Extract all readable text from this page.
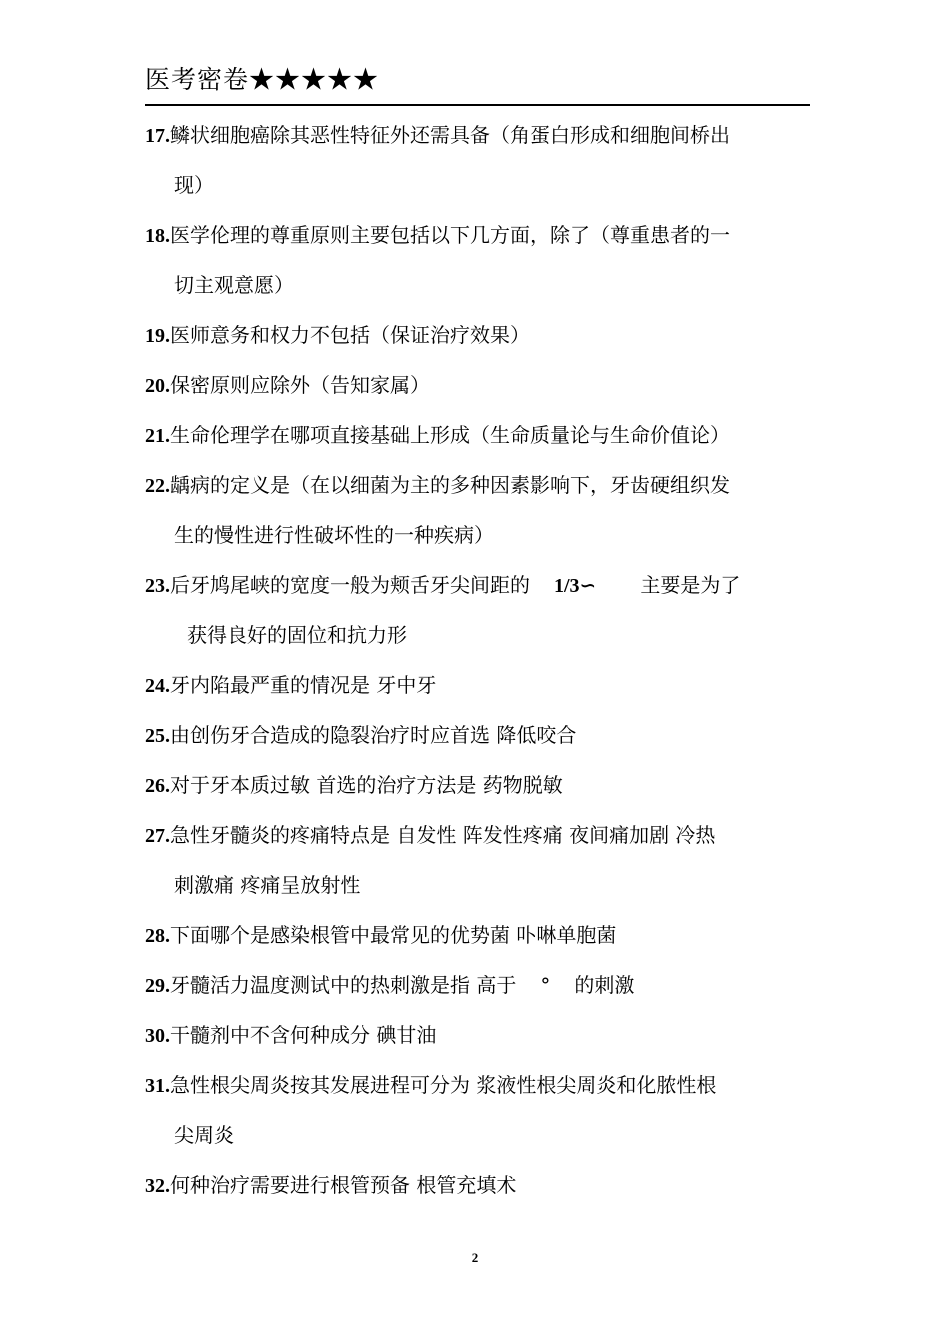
医考密卷★★★★★
17.鳞状细胞癌除其恶性特征外还需具备（角蛋白形成和细胞间桥出
现）
18.医学伦理的尊重原则主要包括以下几方面，除了（尊重患者的一
切主观意愿）
19.医师意务和权力不包括（保证治疗效果）
20.保密原则应除外（告知家属）
21.生命伦理学在哪项直接基础上形成（生命质量论与生命价值论）
22.龋病的定义是（在以细菌为主的多种因素影响下，牙齿硬组织发
生的慢性进行性破坏性的一种疾病）
23.后牙鸠尾峡的宽度一般为颊舌牙尖间距的 1/3∽ 主要是为了
获得良好的固位和抗力形
24.牙内陷最严重的情况是 牙中牙
25.由创伤牙合造成的隐裂治疗时应首选 降低咬合
26.对于牙本质过敏 首选的治疗方法是 药物脱敏
27.急性牙髓炎的疼痛特点是 自发性 阵发性疼痛 夜间痛加剧 冷热
刺激痛 疼痛呈放射性
28.下面哪个是感染根管中最常见的优势菌 卟啉单胞菌
29.牙髓活力温度测试中的热刺激是指 高于 ° 的刺激
30.干髓剂中不含何种成分 碘甘油
31.急性根尖周炎按其发展进程可分为 浆液性根尖周炎和化脓性根
尖周炎
32.何种治疗需要进行根管预备 根管充填术
2
